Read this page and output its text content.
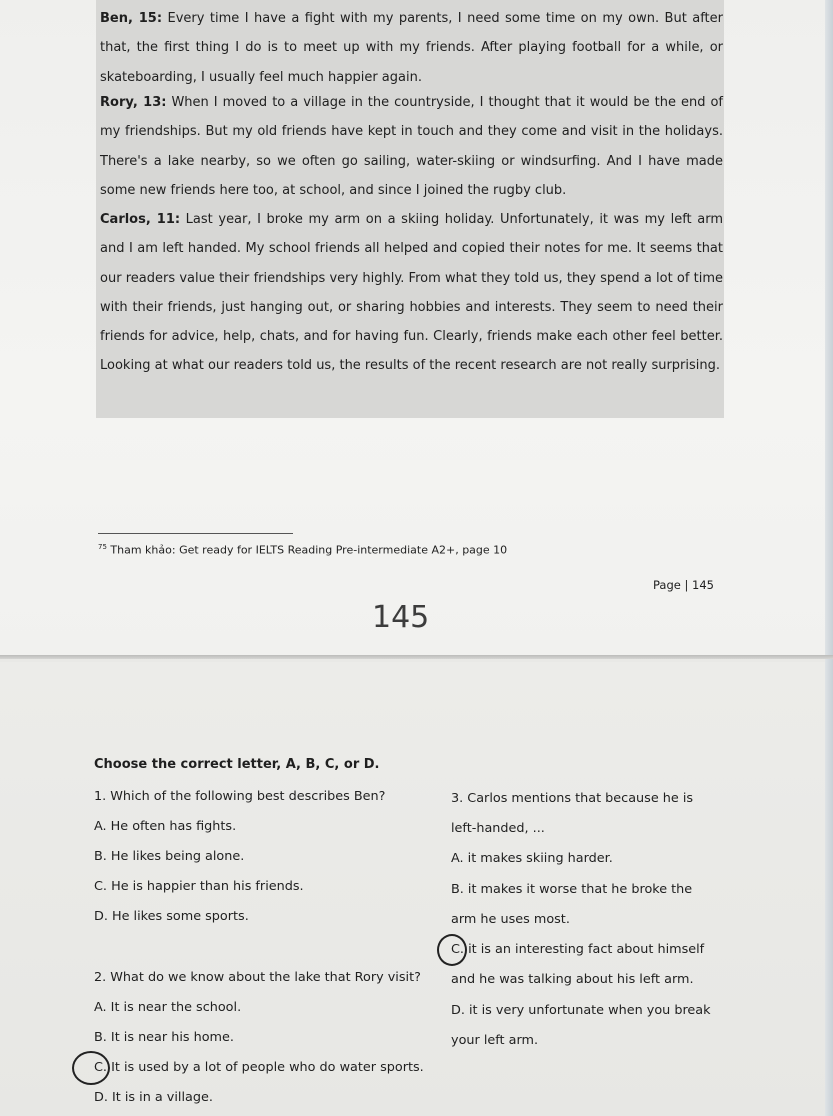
Ben, 15: Every time I have a fight with my parents, I need some time on my own. But after that, the first thing I do is to meet up with my friends. After playing football for a while, or skateboarding, I usually feel much happier again.

Rory, 13: When I moved to a village in the countryside, I thought that it would be the end of my friendships. But my old friends have kept in touch and they come and visit in the holidays. There's a lake nearby, so we often go sailing, water-skiing or windsurfing. And I have made some new friends here too, at school, and since I joined the rugby club.

Carlos, 11: Last year, I broke my arm on a skiing holiday. Unfortunately, it was my left arm and I am left handed. My school friends all helped and copied their notes for me. It seems that our readers value their friendships very highly. From what they told us, they spend a lot of time with their friends, just hanging out, or sharing hobbies and interests. They seem to need their friends for advice, help, chats, and for having fun. Clearly, friends make each other feel better. Looking at what our readers told us, the results of the recent research are not really surprising.

$^{75}$ Tham khảo: Get ready for IELTS Reading Pre-intermediate A2+, page 10
Page | 145
145
Choose the correct letter, A, B, C, or D.
1. Which of the following best describes Ben?
A. He often has fights.
B. He likes being alone.
C. He is happier than his friends.
D. He likes some sports.
2. What do we know about the lake that Rory visit?
A. It is near the school.
B. It is near his home.
C. It is used by a lot of people who do water sports.
D. It is in a village.
3. Carlos mentions that because he is
left-handed, ...
A. it makes skiing harder.
B. it makes it worse that he broke the
arm he uses most.
C. it is an interesting fact about himself
and he was talking about his left arm.
D. it is very unfortunate when you break
your left arm.
